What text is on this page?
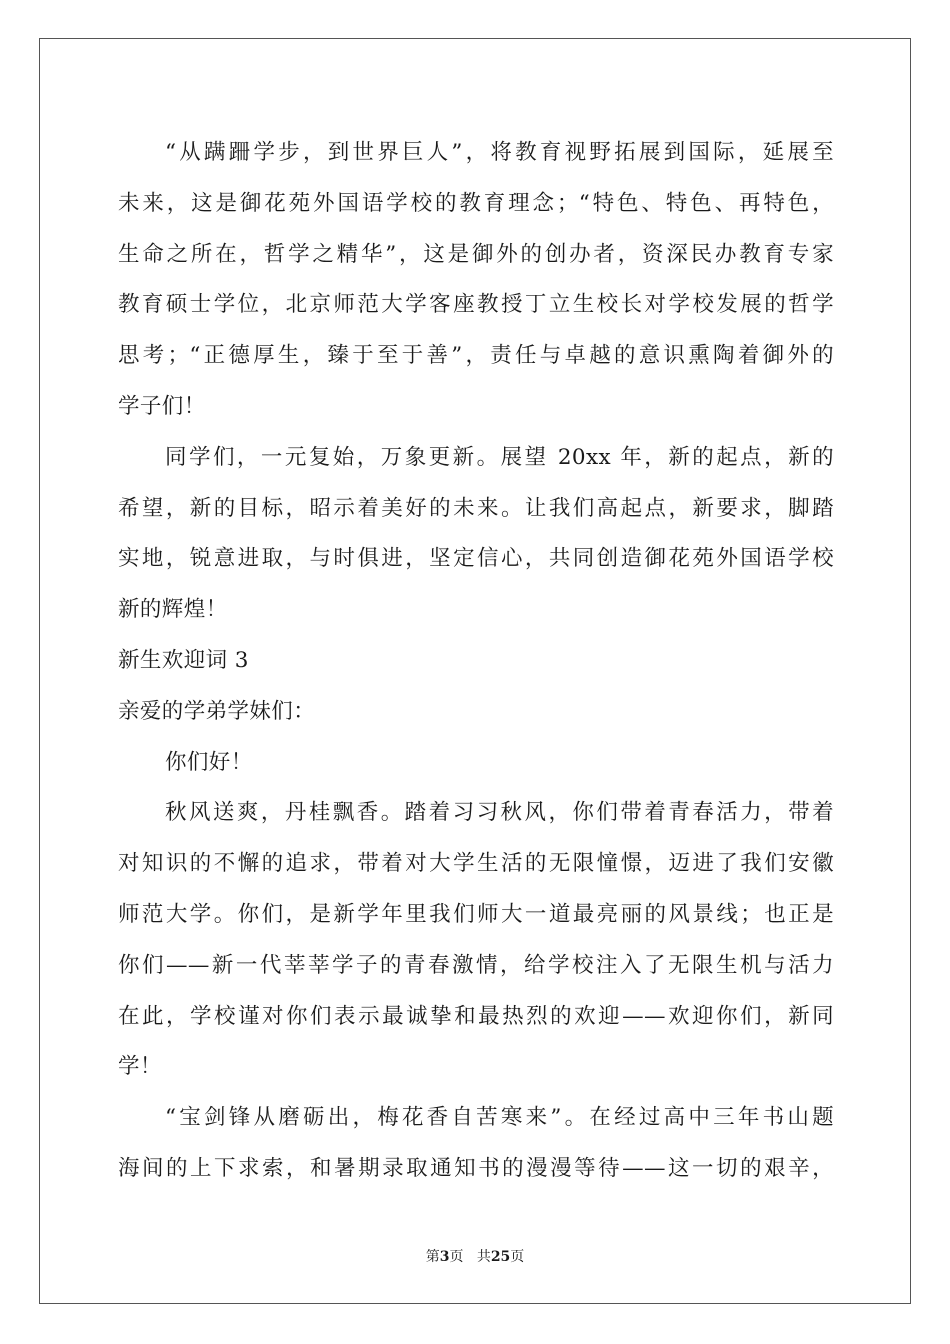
“从蹒跚学步，到世界巨人”，将教育视野拓展到国际，延展至
未来，这是御花苑外国语学校的教育理念；“特色、特色、再特色，
生命之所在，哲学之精华”，这是御外的创办者，资深民办教育专家
教育硕士学位，北京师范大学客座教授丁立生校长对学校发展的哲学
思考；“正德厚生，臻于至于善”，责任与卓越的意识熏陶着御外的
学子们！
同学们，一元复始，万象更新。展望 20xx 年，新的起点，新的
希望，新的目标，昭示着美好的未来。让我们高起点，新要求，脚踏
实地，锐意进取，与时俱进，坚定信心，共同创造御花苑外国语学校
新的辉煌！
新生欢迎词 3
亲爱的学弟学妹们：
你们好！
秋风送爽，丹桂飘香。踏着习习秋风，你们带着青春活力，带着
对知识的不懈的追求，带着对大学生活的无限憧憬，迈进了我们安徽
师范大学。你们，是新学年里我们师大一道最亮丽的风景线；也正是
你们——新一代莘莘学子的青春激情，给学校注入了无限生机与活力
在此，学校谨对你们表示最诚挚和最热烈的欢迎——欢迎你们，新同
学！
“宝剑锋从磨砺出，梅花香自苦寒来”。在经过高中三年书山题
海间的上下求索，和暑期录取通知书的漫漫等待——这一切的艰辛，
第3页 共25页
